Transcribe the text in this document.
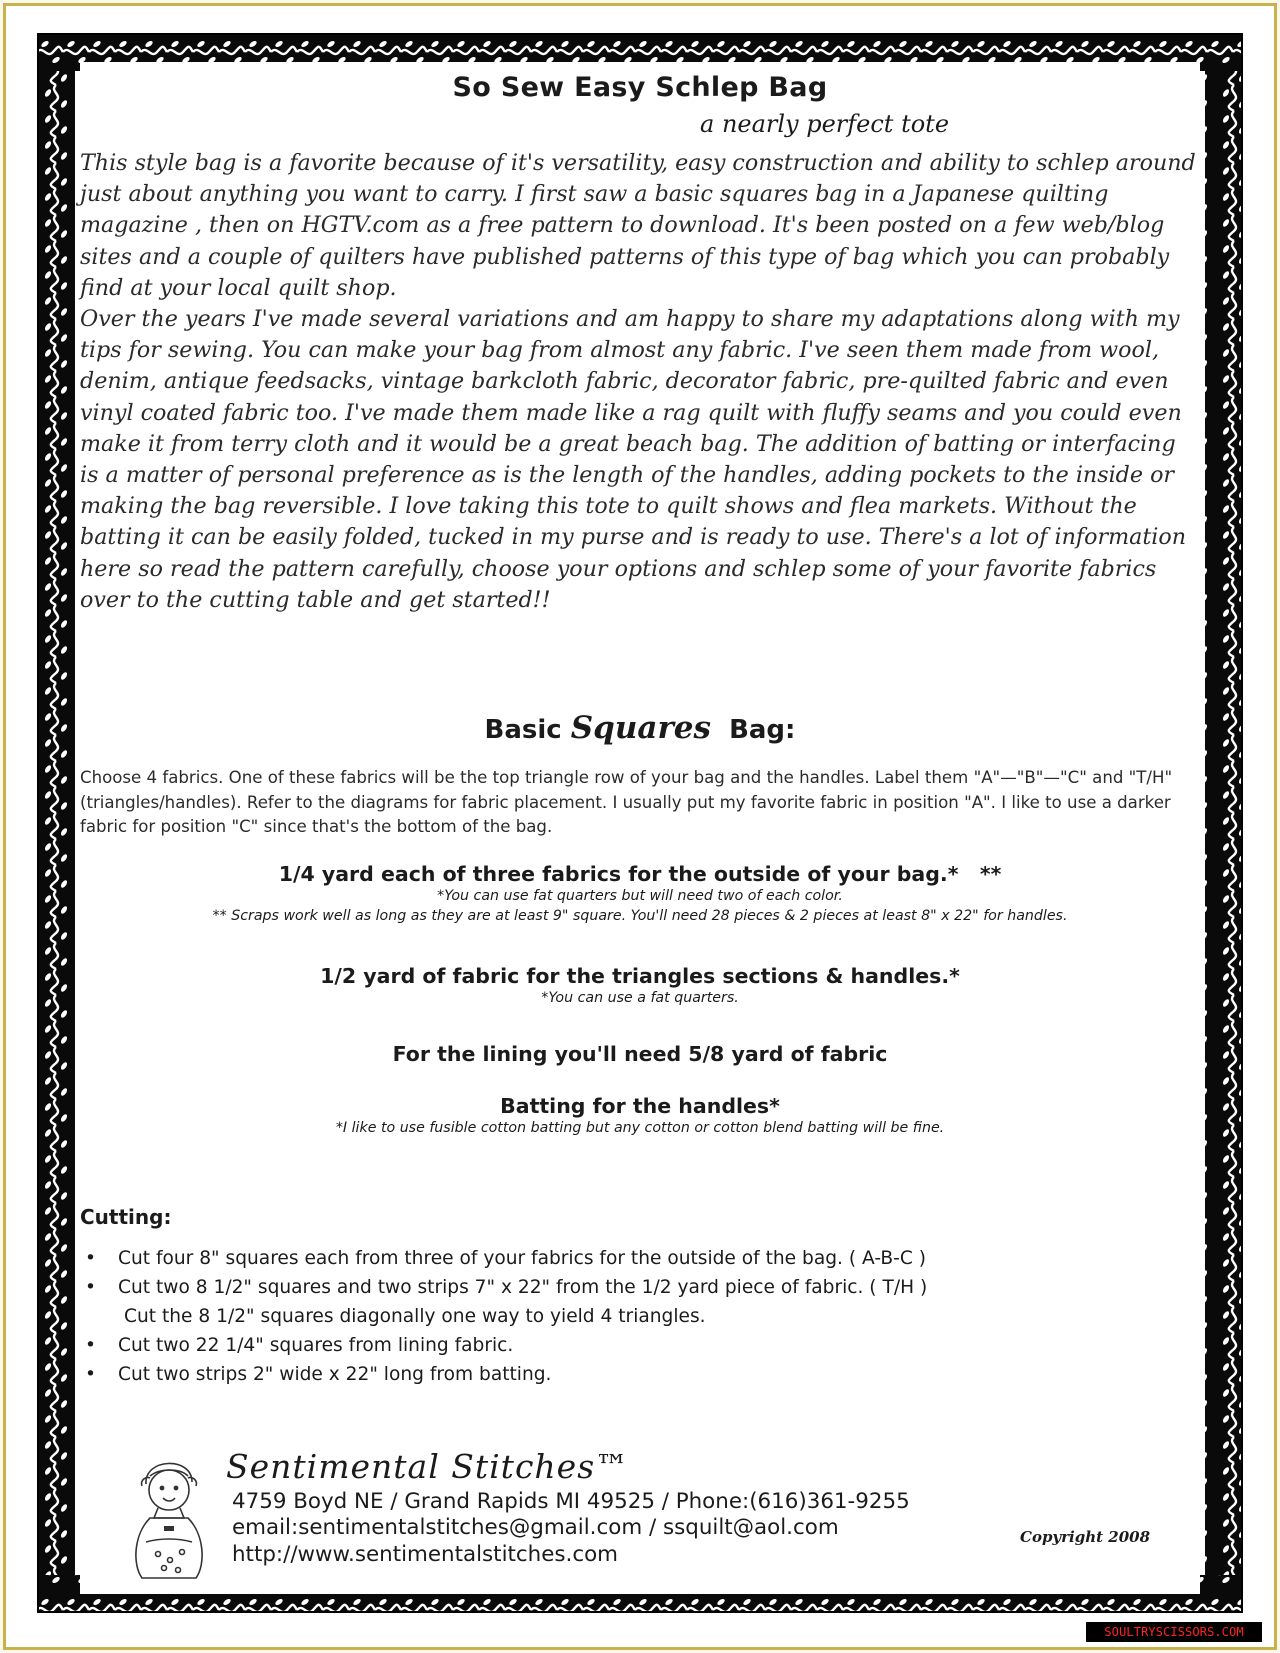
So Sew Easy Schlep Bag
a nearly perfect tote

This style bag is a favorite because of it's versatility, easy construction and ability to schlep around just about anything you want to carry. I first saw a basic squares bag in a Japanese quilting magazine , then on HGTV.com as a free pattern to download. It's been posted on a few web/blog sites and a couple of quilters have published patterns of this type of bag which you can probably find at your local quilt shop.

Over the years I've made several variations and am happy to share my adaptations along with my tips for sewing. You can make your bag from almost any fabric. I've seen them made from wool, denim, antique feedsacks, vintage barkcloth fabric, decorator fabric, pre-quilted fabric and even vinyl coated fabric too. I've made them made like a rag quilt with fluffy seams and you could even make it from terry cloth and it would be a great beach bag. The addition of batting or interfacing is a matter of personal preference as is the length of the handles, adding pockets to the inside or making the bag reversible. I love taking this tote to quilt shows and flea markets. Without the batting it can be easily folded, tucked in my purse and is ready to use. There's a lot of information here so read the pattern carefully, choose your options and schlep some of your favorite fabrics over to the cutting table and get started!!

Basic Squares  Bag:
Choose 4 fabrics. One of these fabrics will be the top triangle row of your bag and the handles. Label them "A"—"B"—"C" and "T/H" (triangles/handles). Refer to the diagrams for fabric placement. I usually put my favorite fabric in position "A". I like to use a darker fabric for position "C" since that's the bottom of the bag.
1/4 yard each of three fabrics for the outside of your bag.*   **
*You can use fat quarters but will need two of each color.
** Scraps work well as long as they are at least 9" square. You'll need 28 pieces & 2 pieces at least 8" x 22" for handles.
1/2 yard of fabric for the triangles sections & handles.*
*You can use a fat quarters.
For the lining you'll need 5/8 yard of fabric
Batting for the handles*
*I like to use fusible cotton batting but any cotton or cotton blend batting will be fine.
Cutting:
• Cut four 8" squares each from three of your fabrics for the outside of the bag. ( A-B-C )
• Cut two 8 1/2" squares and two strips 7" x 22" from the 1/2 yard piece of fabric. ( T/H )
Cut the 8 1/2" squares diagonally one way to yield 4 triangles.
• Cut two 22 1/4" squares from lining fabric.
• Cut two strips 2" wide x 22" long from batting.
Sentimental Stitches™
4759 Boyd NE / Grand Rapids MI 49525 / Phone:(616)361-9255
email:sentimentalstitches@gmail.com / ssquilt@aol.com
http://www.sentimentalstitches.com
Copyright 2008
SOULTRYSCISSORS.COM
